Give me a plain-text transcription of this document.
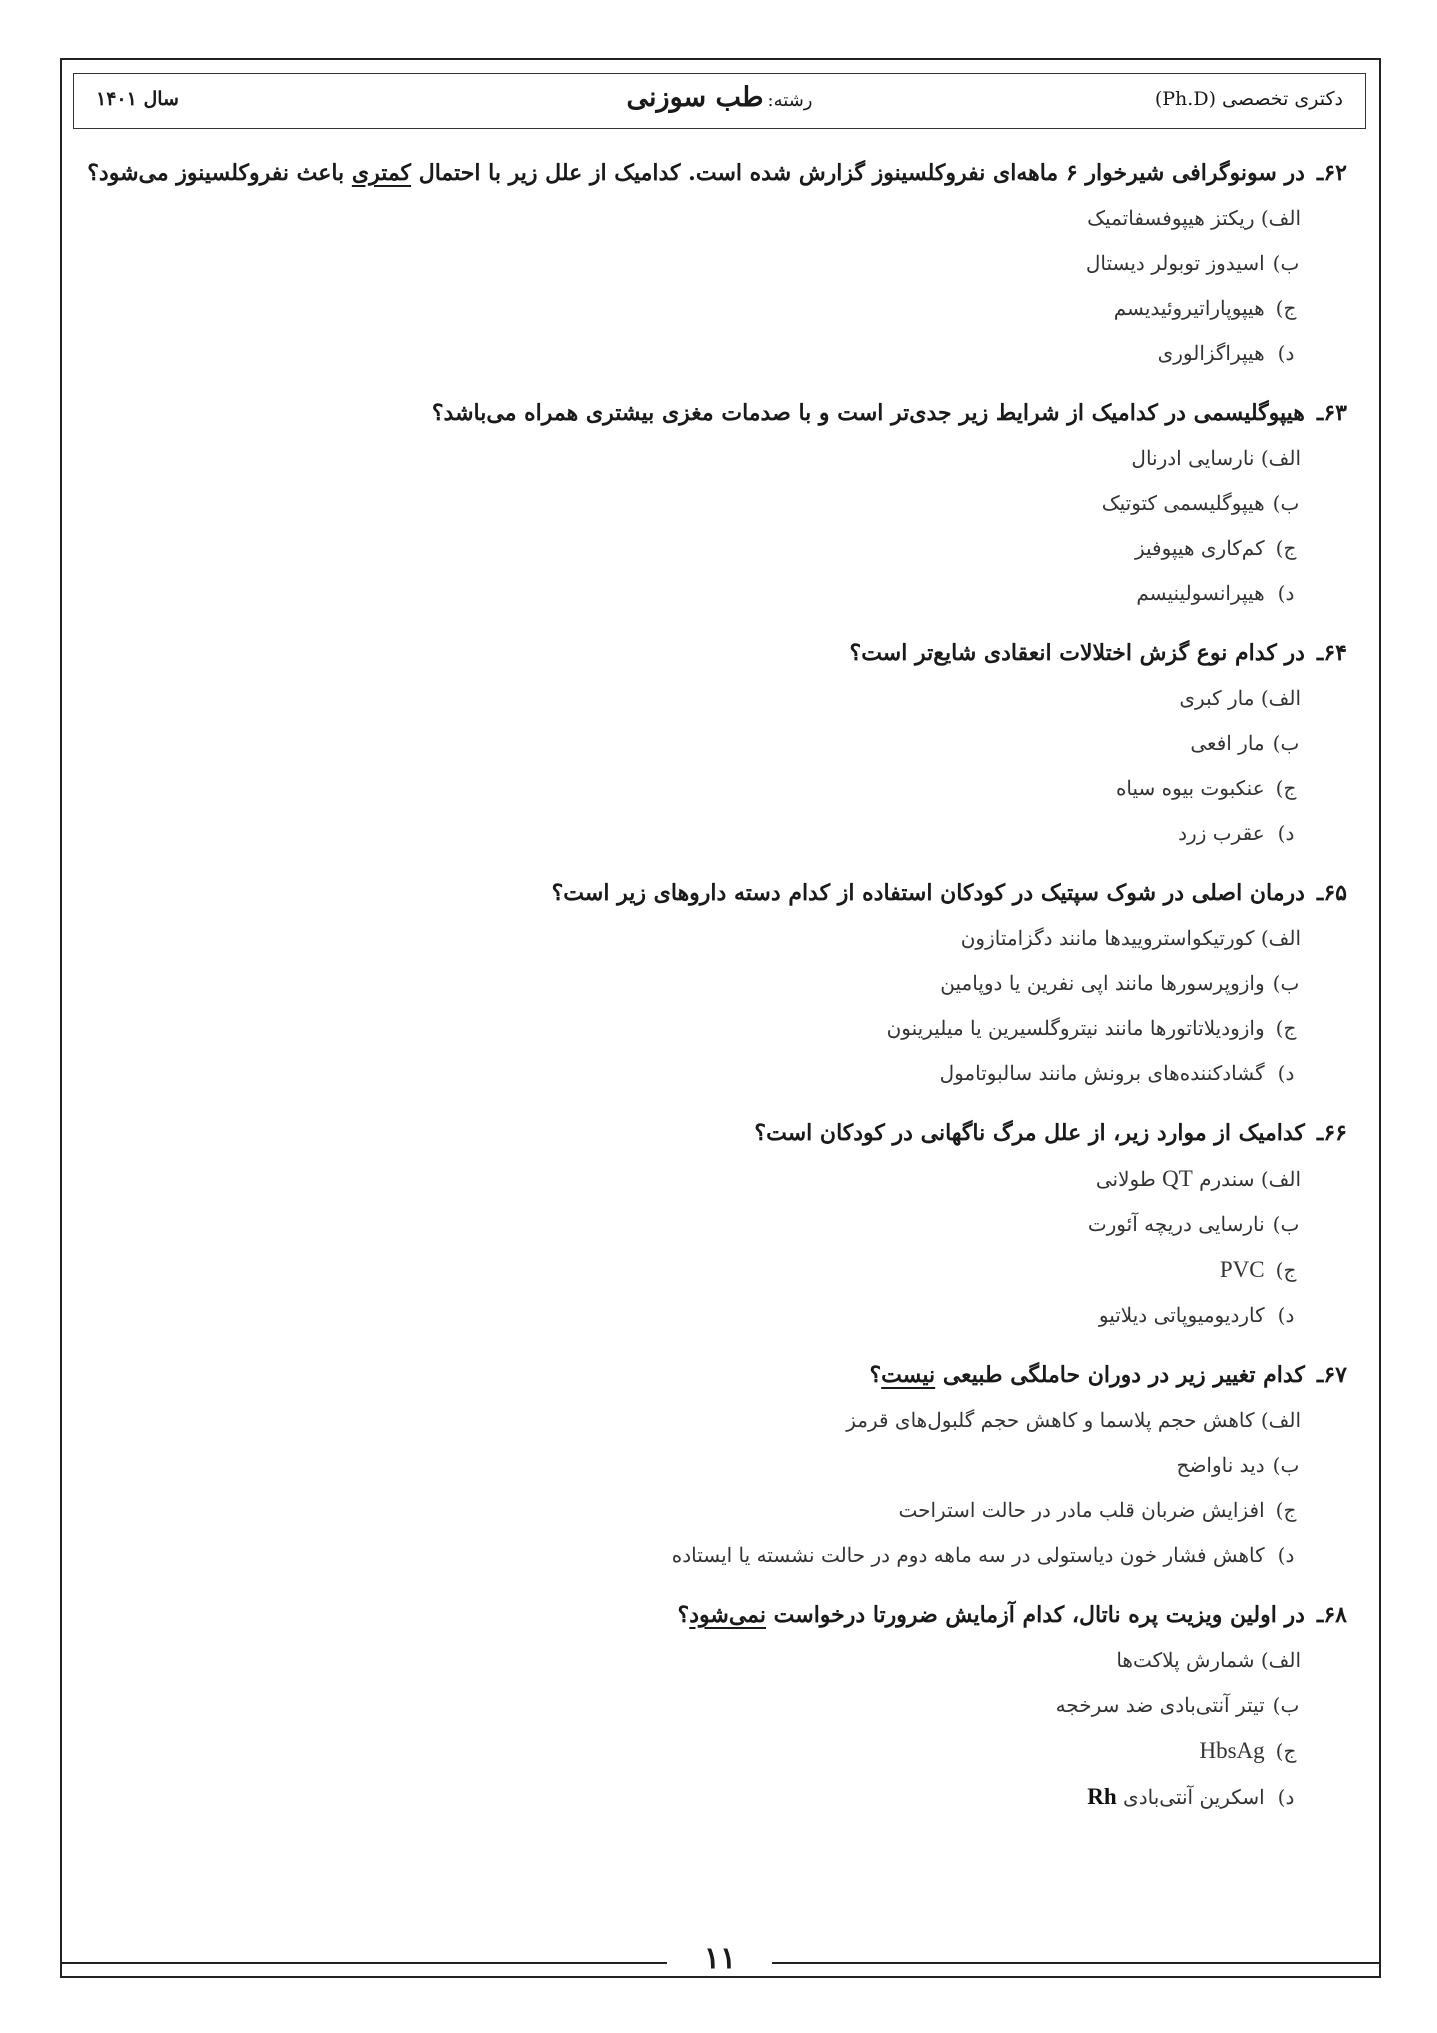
دکتری تخصصی (Ph.D)
رشته:طب سوزنی
سال ۱۴۰۱
۶۲ـدر سونوگرافی شیرخوار ۶ ماهه‌ای نفروکلسینوز گزارش شده است. کدامیک از علل زیر با احتمال کمتری باعث نفروکلسینوز می‌شود؟
الف) ریکتز هیپوفسفاتمیک
ب) اسیدوز توبولر دیستال
ج) هیپوپاراتیروئیدیسم
د) هیپراگزالوری
۶۳ـهیپوگلیسمی در کدامیک از شرایط زیر جدی‌تر است و با صدمات مغزی بیشتری همراه می‌باشد؟
الف) نارسایی ادرنال
ب) هیپوگلیسمی کتوتیک
ج) کم‌کاری هیپوفیز
د) هیپرانسولینیسم
۶۴ـدر کدام نوع گزش اختلالات انعقادی شایع‌تر است؟
الف) مار کبری
ب) مار افعی
ج) عنکبوت بیوه سیاه
د) عقرب زرد
۶۵ـدرمان اصلی در شوک سپتیک در کودکان استفاده از کدام دسته داروهای زیر است؟
الف) کورتیکواستروییدها مانند دگزامتازون
ب) وازوپرسورها مانند اپی نفرین یا دوپامین
ج) وازودیلاتاتورها مانند نیتروگلسیرین یا میلیرینون
د) گشادکننده‌های برونش مانند سالبوتامول
۶۶ـکدامیک از موارد زیر، از علل مرگ ناگهانی در کودکان است؟
الف) سندرم QT طولانی
ب) نارسایی دریچه آئورت
ج) PVC
د) کاردیومیوپاتی دیلاتیو
۶۷ـکدام تغییر زیر در دوران حاملگی طبیعی نیست؟
الف) کاهش حجم پلاسما و کاهش حجم گلبول‌های قرمز
ب) دید ناواضح
ج) افزایش ضربان قلب مادر در حالت استراحت
د) کاهش فشار خون دیاستولی در سه ماهه دوم در حالت نشسته یا ایستاده
۶۸ـدر اولین ویزیت پره ناتال، کدام آزمایش ضرورتا درخواست نمی‌شود؟
الف) شمارش پلاکت‌ها
ب) تیتر آنتی‌بادی ضد سرخجه
ج) HbsAg
د) اسکرین آنتی‌بادی Rh
۱۱
